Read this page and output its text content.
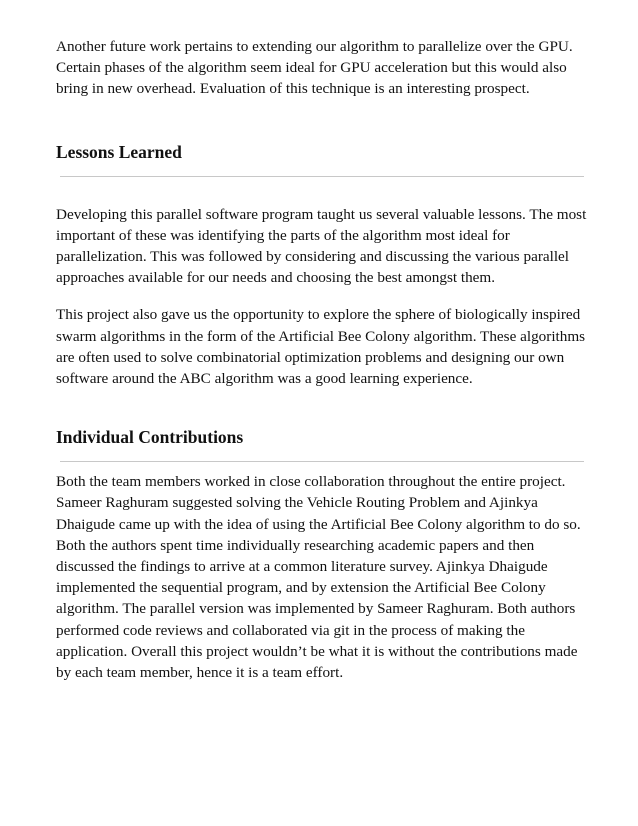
Another future work pertains to extending our algorithm to parallelize over the GPU. Certain phases of the algorithm seem ideal for GPU acceleration but this would also bring in new overhead. Evaluation of this technique is an interesting prospect.

Lessons Learned

Developing this parallel software program taught us several valuable lessons. The most important of these was identifying the parts of the algorithm most ideal for parallelization. This was followed by considering and discussing the various parallel approaches available for our needs and choosing the best amongst them.

This project also gave us the opportunity to explore the sphere of biologically inspired swarm algorithms in the form of the Artificial Bee Colony algorithm. These algorithms are often used to solve combinatorial optimization problems and designing our own software around the ABC algorithm was a good learning experience.

Individual Contributions

Both the team members worked in close collaboration throughout the entire project. Sameer Raghuram suggested solving the Vehicle Routing Problem and Ajinkya Dhaigude came up with the idea of using the Artificial Bee Colony algorithm to do so. Both the authors spent time individually researching academic papers and then discussed the findings to arrive at a common literature survey. Ajinkya Dhaigude implemented the sequential program, and by extension the Artificial Bee Colony algorithm. The parallel version was implemented by Sameer Raghuram. Both authors performed code reviews and collaborated via git in the process of making the application. Overall this project wouldn’t be what it is without the contributions made by each team member, hence it is a team effort.
